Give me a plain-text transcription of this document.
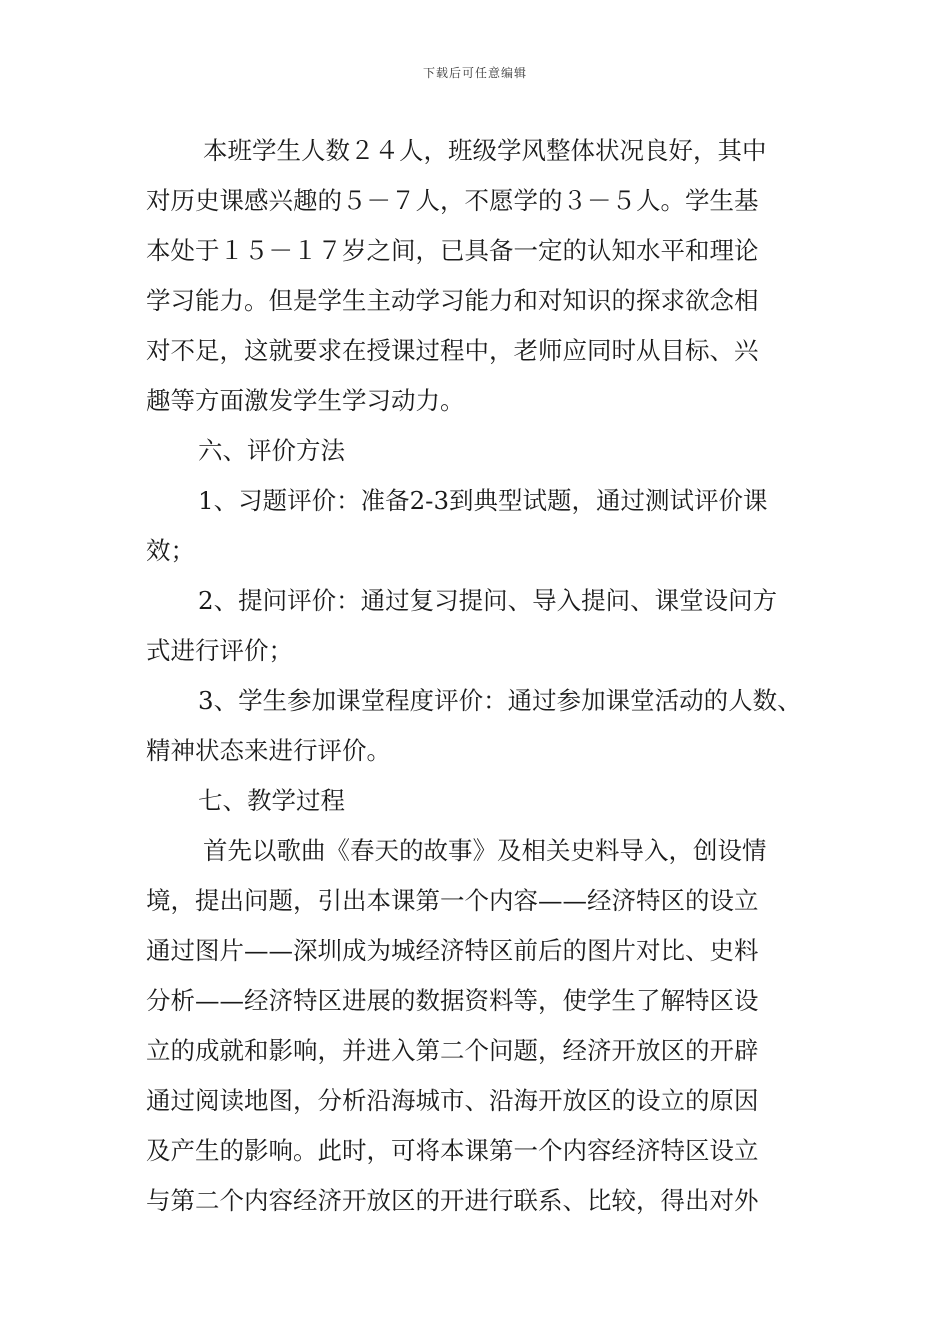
下载后可任意编辑
本班学生人数２４人，班级学风整体状况良好，其中
对历史课感兴趣的５－７人，不愿学的３－５人。学生基
本处于１５－１７岁之间，已具备一定的认知水平和理论
学习能力。但是学生主动学习能力和对知识的探求欲念相
对不足，这就要求在授课过程中，老师应同时从目标、兴
趣等方面激发学生学习动力。
六、评价方法
1、习题评价：准备2-3到典型试题，通过测试评价课
效；
2、提问评价：通过复习提问、导入提问、课堂设问方
式进行评价；
3、学生参加课堂程度评价：通过参加课堂活动的人数、
精神状态来进行评价。
七、教学过程
首先以歌曲《春天的故事》及相关史料导入，创设情
境，提出问题，引出本课第一个内容——经济特区的设立
通过图片——深圳成为城经济特区前后的图片对比、史料
分析——经济特区进展的数据资料等，使学生了解特区设
立的成就和影响，并进入第二个问题，经济开放区的开辟
通过阅读地图，分析沿海城市、沿海开放区的设立的原因
及产生的影响。此时，可将本课第一个内容经济特区设立
与第二个内容经济开放区的开进行联系、比较，得出对外
